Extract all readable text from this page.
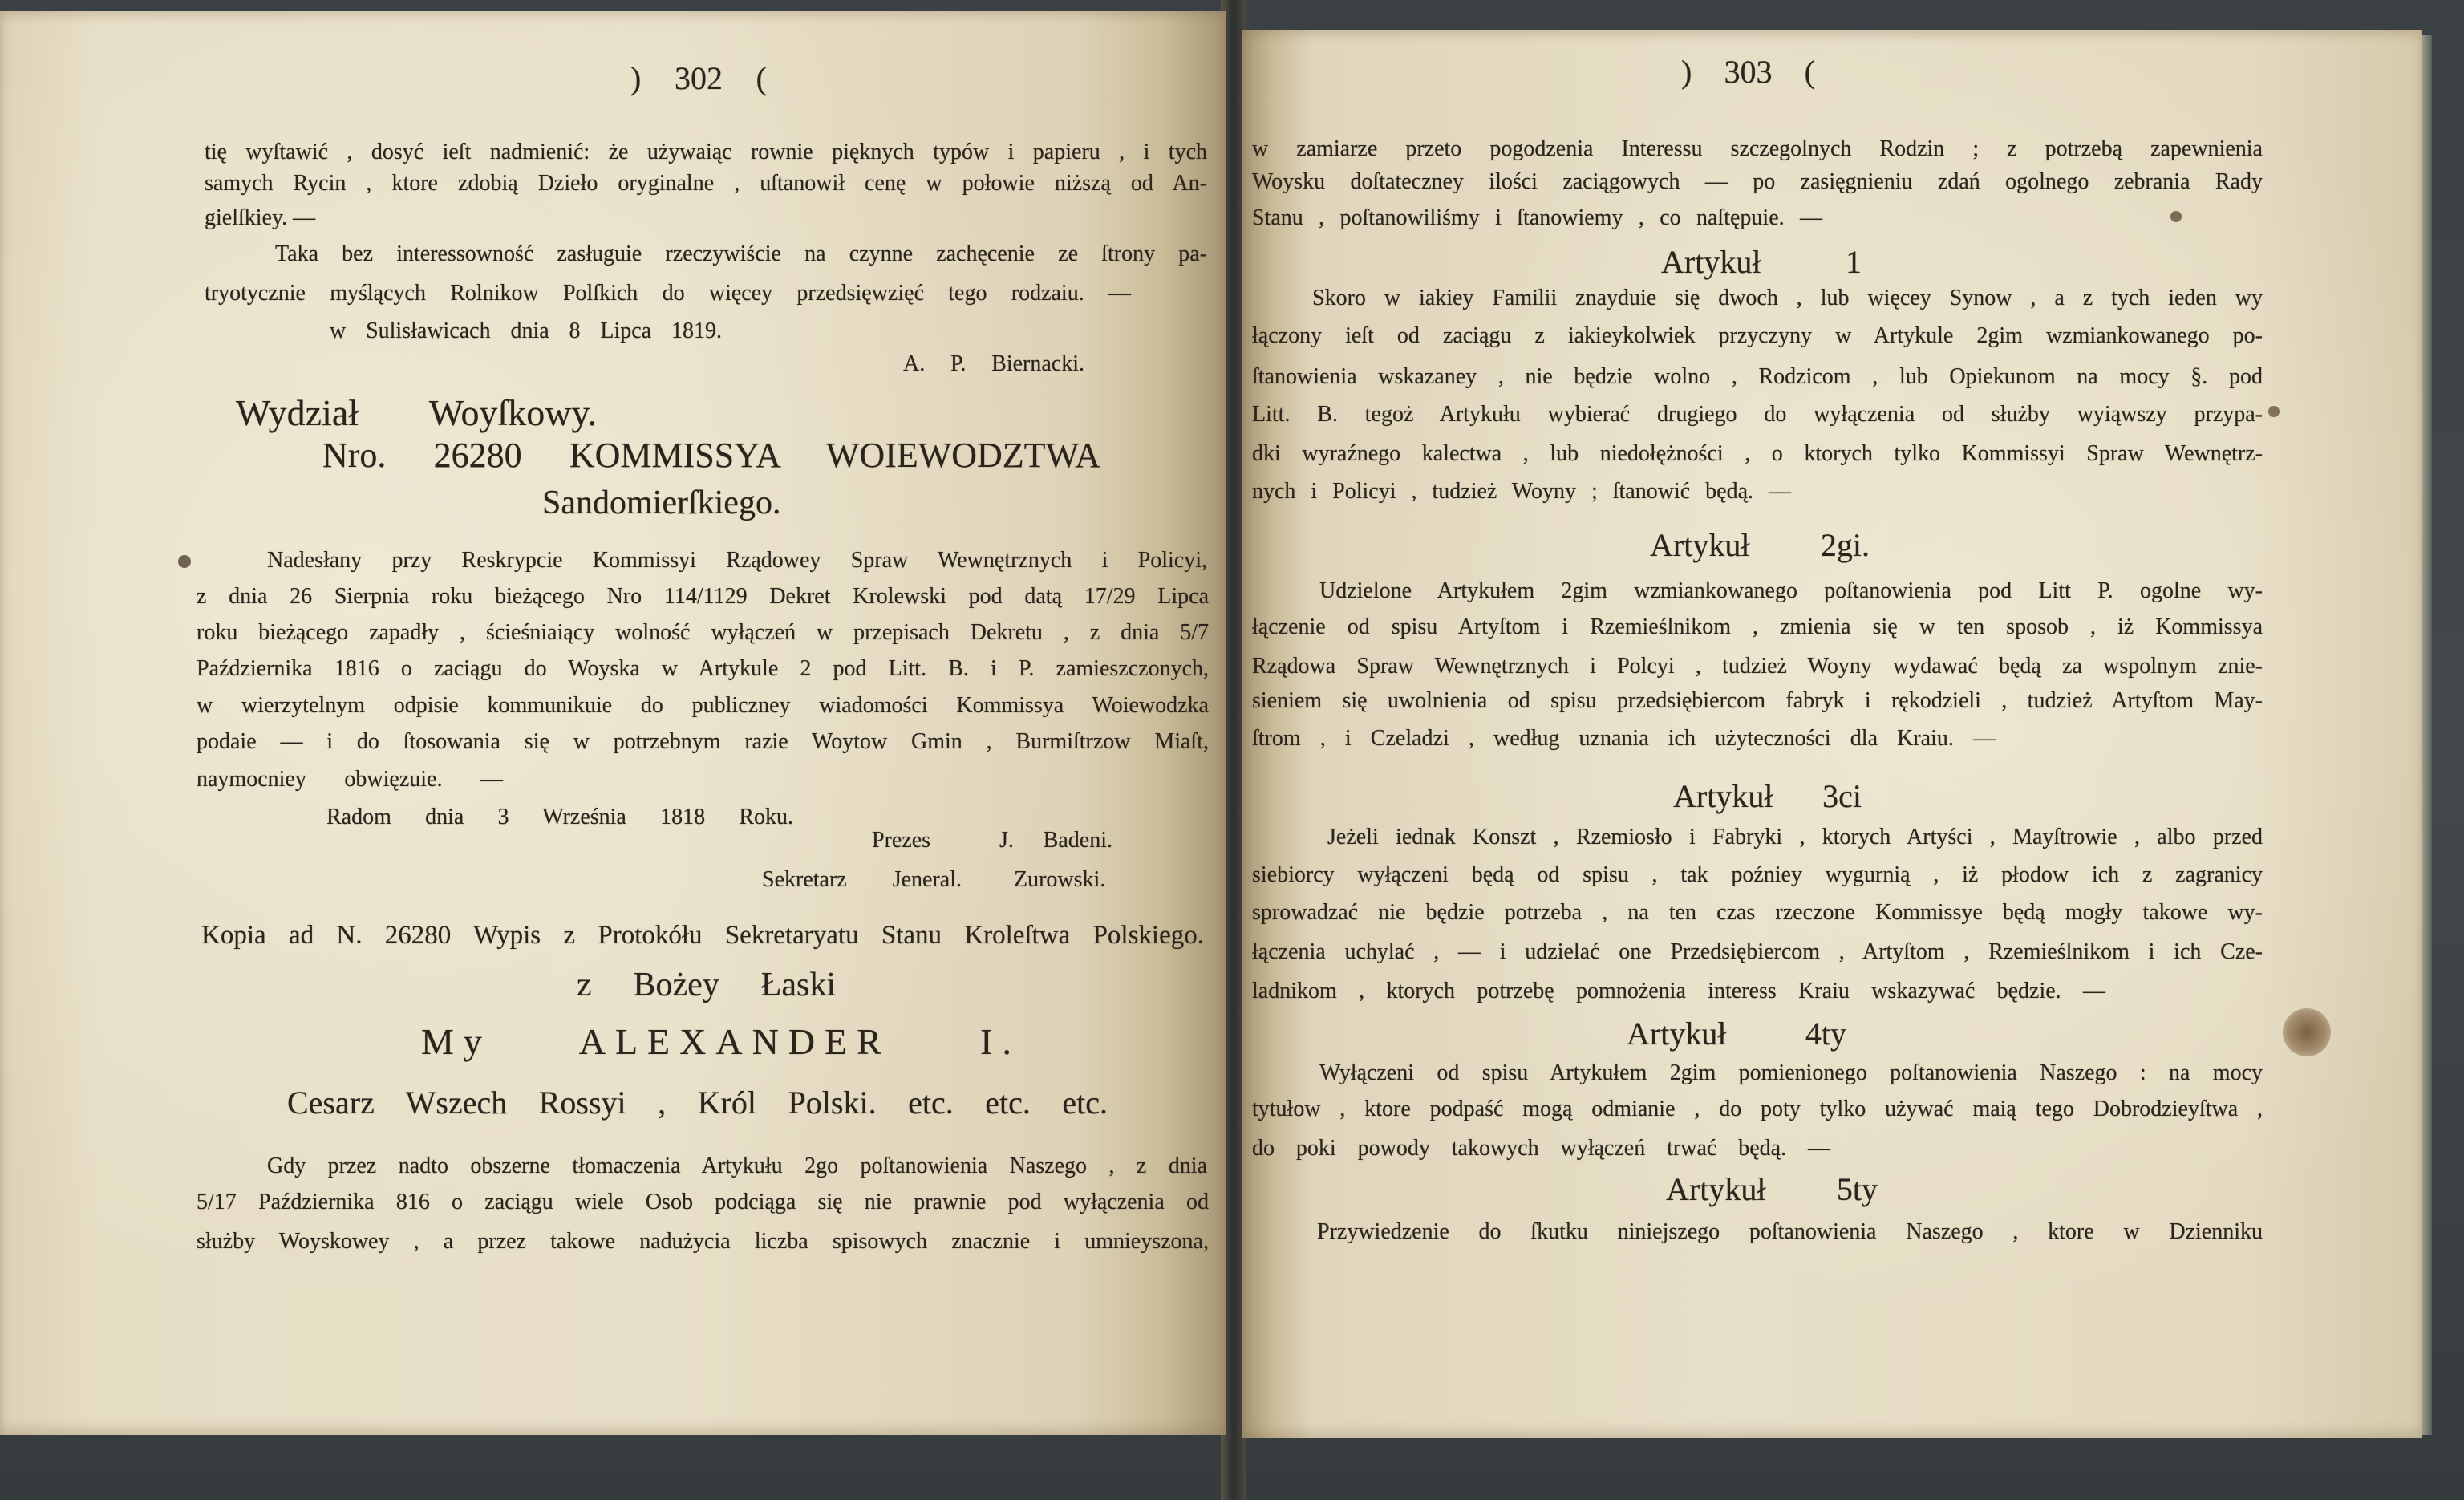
) 302 (
tię wyſtawić , dosyć ieſt nadmienić: że używaiąc rownie pięknych typów i papieru , i tych
samych Rycin , ktore zdobią Dzieło oryginalne , uſtanowił cenę w połowie niższą od An-
gielſkiey. —
Taka bez interessowność zasługuie rzeczywiście na czynne zachęcenie ze ſtrony pa-
tryotycznie myślących Rolnikow Polſkich do więcey przedsięwzięć tego rodzaiu. —
w Sulisławicach dnia 8 Lipca 1819.
A. P. Biernacki.
Wydział Woyſkowy.
Nro. 26280 KOMMISSYA WOIEWODZTWA
Sandomierſkiego.
Nadesłany przy Reskrypcie Kommissyi Rządowey Spraw Wewnętrznych i Policyi,
z dnia 26 Sierpnia roku bieżącego Nro 114/1129 Dekret Krolewski pod datą 17/29 Lipca
roku bieżącego zapadły , ścieśniaiący wolność wyłączeń w przepisach Dekretu , z dnia 5/7
Października 1816 o zaciągu do Woyska w Artykule 2 pod Litt. B. i P. zamieszczonych,
w wierzytelnym odpisie kommunikuie do publiczney wiadomości Kommissya Woiewodzka
podaie — i do ſtosowania się w potrzebnym razie Woytow Gmin , Burmiſtrzow Miaſt,
naymocniey obwięzuie. —
Radom dnia 3 Września 1818 Roku.
Prezes	J. Badeni.
Sekretarz Jeneral. Zurowski.
Kopia ad N. 26280 Wypis z Protokółu Sekretaryatu Stanu Kroleſtwa Polskiego.
z Bożey Łaski
My ALEXANDER I.
Cesarz Wszech Rossyi , Król Polski. etc. etc. etc.
Gdy przez nadto obszerne tłomaczenia Artykułu 2go poſtanowienia Naszego , z dnia
5/17 Października 816 o zaciągu wiele Osob podciąga się nie prawnie pod wyłączenia od
służby Woyskowey , a przez takowe nadużycia liczba spisowych znacznie i umnieyszona,
) 303 (
w zamiarze przeto pogodzenia Interessu szczegolnych Rodzin ; z potrzebą zapewnienia
Woysku doſtateczney ilości zaciągowych — po zasięgnieniu zdań ogolnego zebrania Rady
Stanu , poſtanowiliśmy i ſtanowiemy , co naſtępuie. —
Artykuł 1
Skoro w iakiey Familii znayduie się dwoch , lub więcey Synow , a z tych ieden wy
łączony ieſt od zaciągu z iakieykolwiek przyczyny w Artykule 2gim wzmiankowanego po-
ſtanowienia wskazaney , nie będzie wolno , Rodzicom , lub Opiekunom na mocy §. pod
Litt. B. tegoż Artykułu wybierać drugiego do wyłączenia od służby wyiąwszy przypa-
dki wyraźnego kalectwa , lub niedołężności , o ktorych tylko Kommissyi Spraw Wewnętrz-
nych i Policyi , tudzież Woyny ; ſtanowić będą. —
Artykuł 2gi.
Udzielone Artykułem 2gim wzmiankowanego poſtanowienia pod Litt P. ogolne wy-
łączenie od spisu Artyſtom i Rzemieślnikom , zmienia się w ten sposob , iż Kommissya
Rządowa Spraw Wewnętrznych i Polcyi , tudzież Woyny wydawać będą za wspolnym znie-
sieniem się uwolnienia od spisu przedsiębiercom fabryk i rękodzieli , tudzież Artyſtom May-
ſtrom , i Czeladzi , według uznania ich użyteczności dla Kraiu. —
Artykuł 3ci
Jeżeli iednak Konszt , Rzemiosło i Fabryki , ktorych Artyści , Mayſtrowie , albo przed
siebiorcy wyłączeni będą od spisu , tak poźniey wygurnią , iż płodow ich z zagranicy
sprowadzać nie będzie potrzeba , na ten czas rzeczone Kommissye będą mogły takowe wy-
łączenia uchylać , — i udzielać one Przedsiębiercom , Artyſtom , Rzemieślnikom i ich Cze-
ladnikom , ktorych potrzebę pomnożenia interess Kraiu wskazywać będzie. —
Artykuł 4ty
Wyłączeni od spisu Artykułem 2gim pomienionego poſtanowienia Naszego : na mocy
tytułow , ktore podpaść mogą odmianie , do poty tylko używać maią tego Dobrodzieyſtwa ,
do poki powody takowych wyłączeń trwać będą. —
Artykuł 5ty
Przywiedzenie do ſkutku niniejszego poſtanowienia Naszego , ktore w Dzienniku
